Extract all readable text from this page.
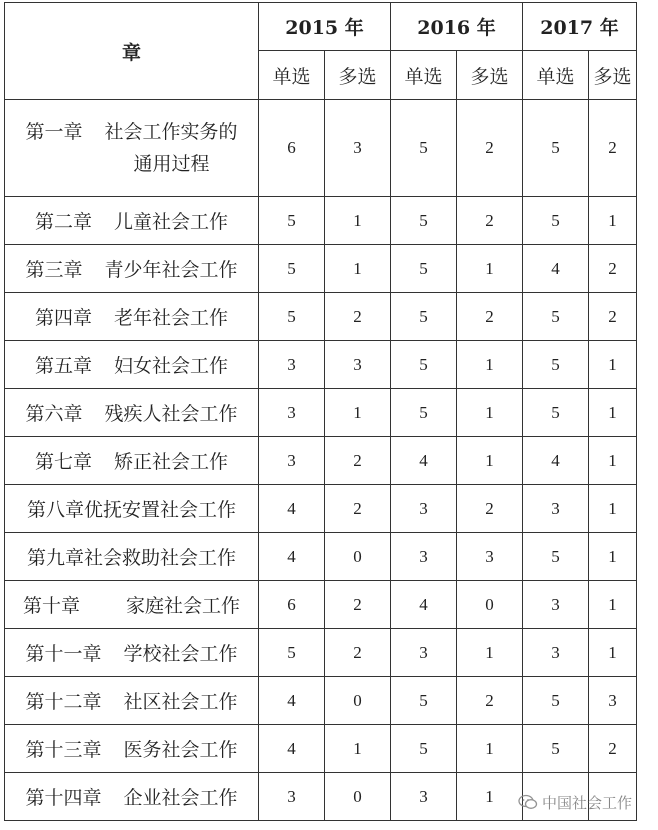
章	2015 年		2016 年		2017 年	
	单选	多选	单选	多选	单选	多选
第一章 社会工作实务的
通用过程	6	3	5	2	5	2
第二章 儿童社会工作	5	1	5	2	5	1
第三章 青少年社会工作	5	1	5	1	4	2
第四章 老年社会工作	5	2	5	2	5	2
第五章 妇女社会工作	3	3	5	1	5	1
第六章 残疾人社会工作	3	1	5	1	5	1
第七章 矫正社会工作	3	2	4	1	4	1
第八章优抚安置社会工作	4	2	3	2	3	1
第九章社会救助社会工作	4	0	3	3	5	1
第十章 家庭社会工作	6	2	4	0	3	1
第十一章 学校社会工作	5	2	3	1	3	1
第十二章 社区社会工作	4	0	5	2	5	3
第十三章 医务社会工作	4	1	5	1	5	2
第十四章 企业社会工作	3	0	3	1			中国社会工作
